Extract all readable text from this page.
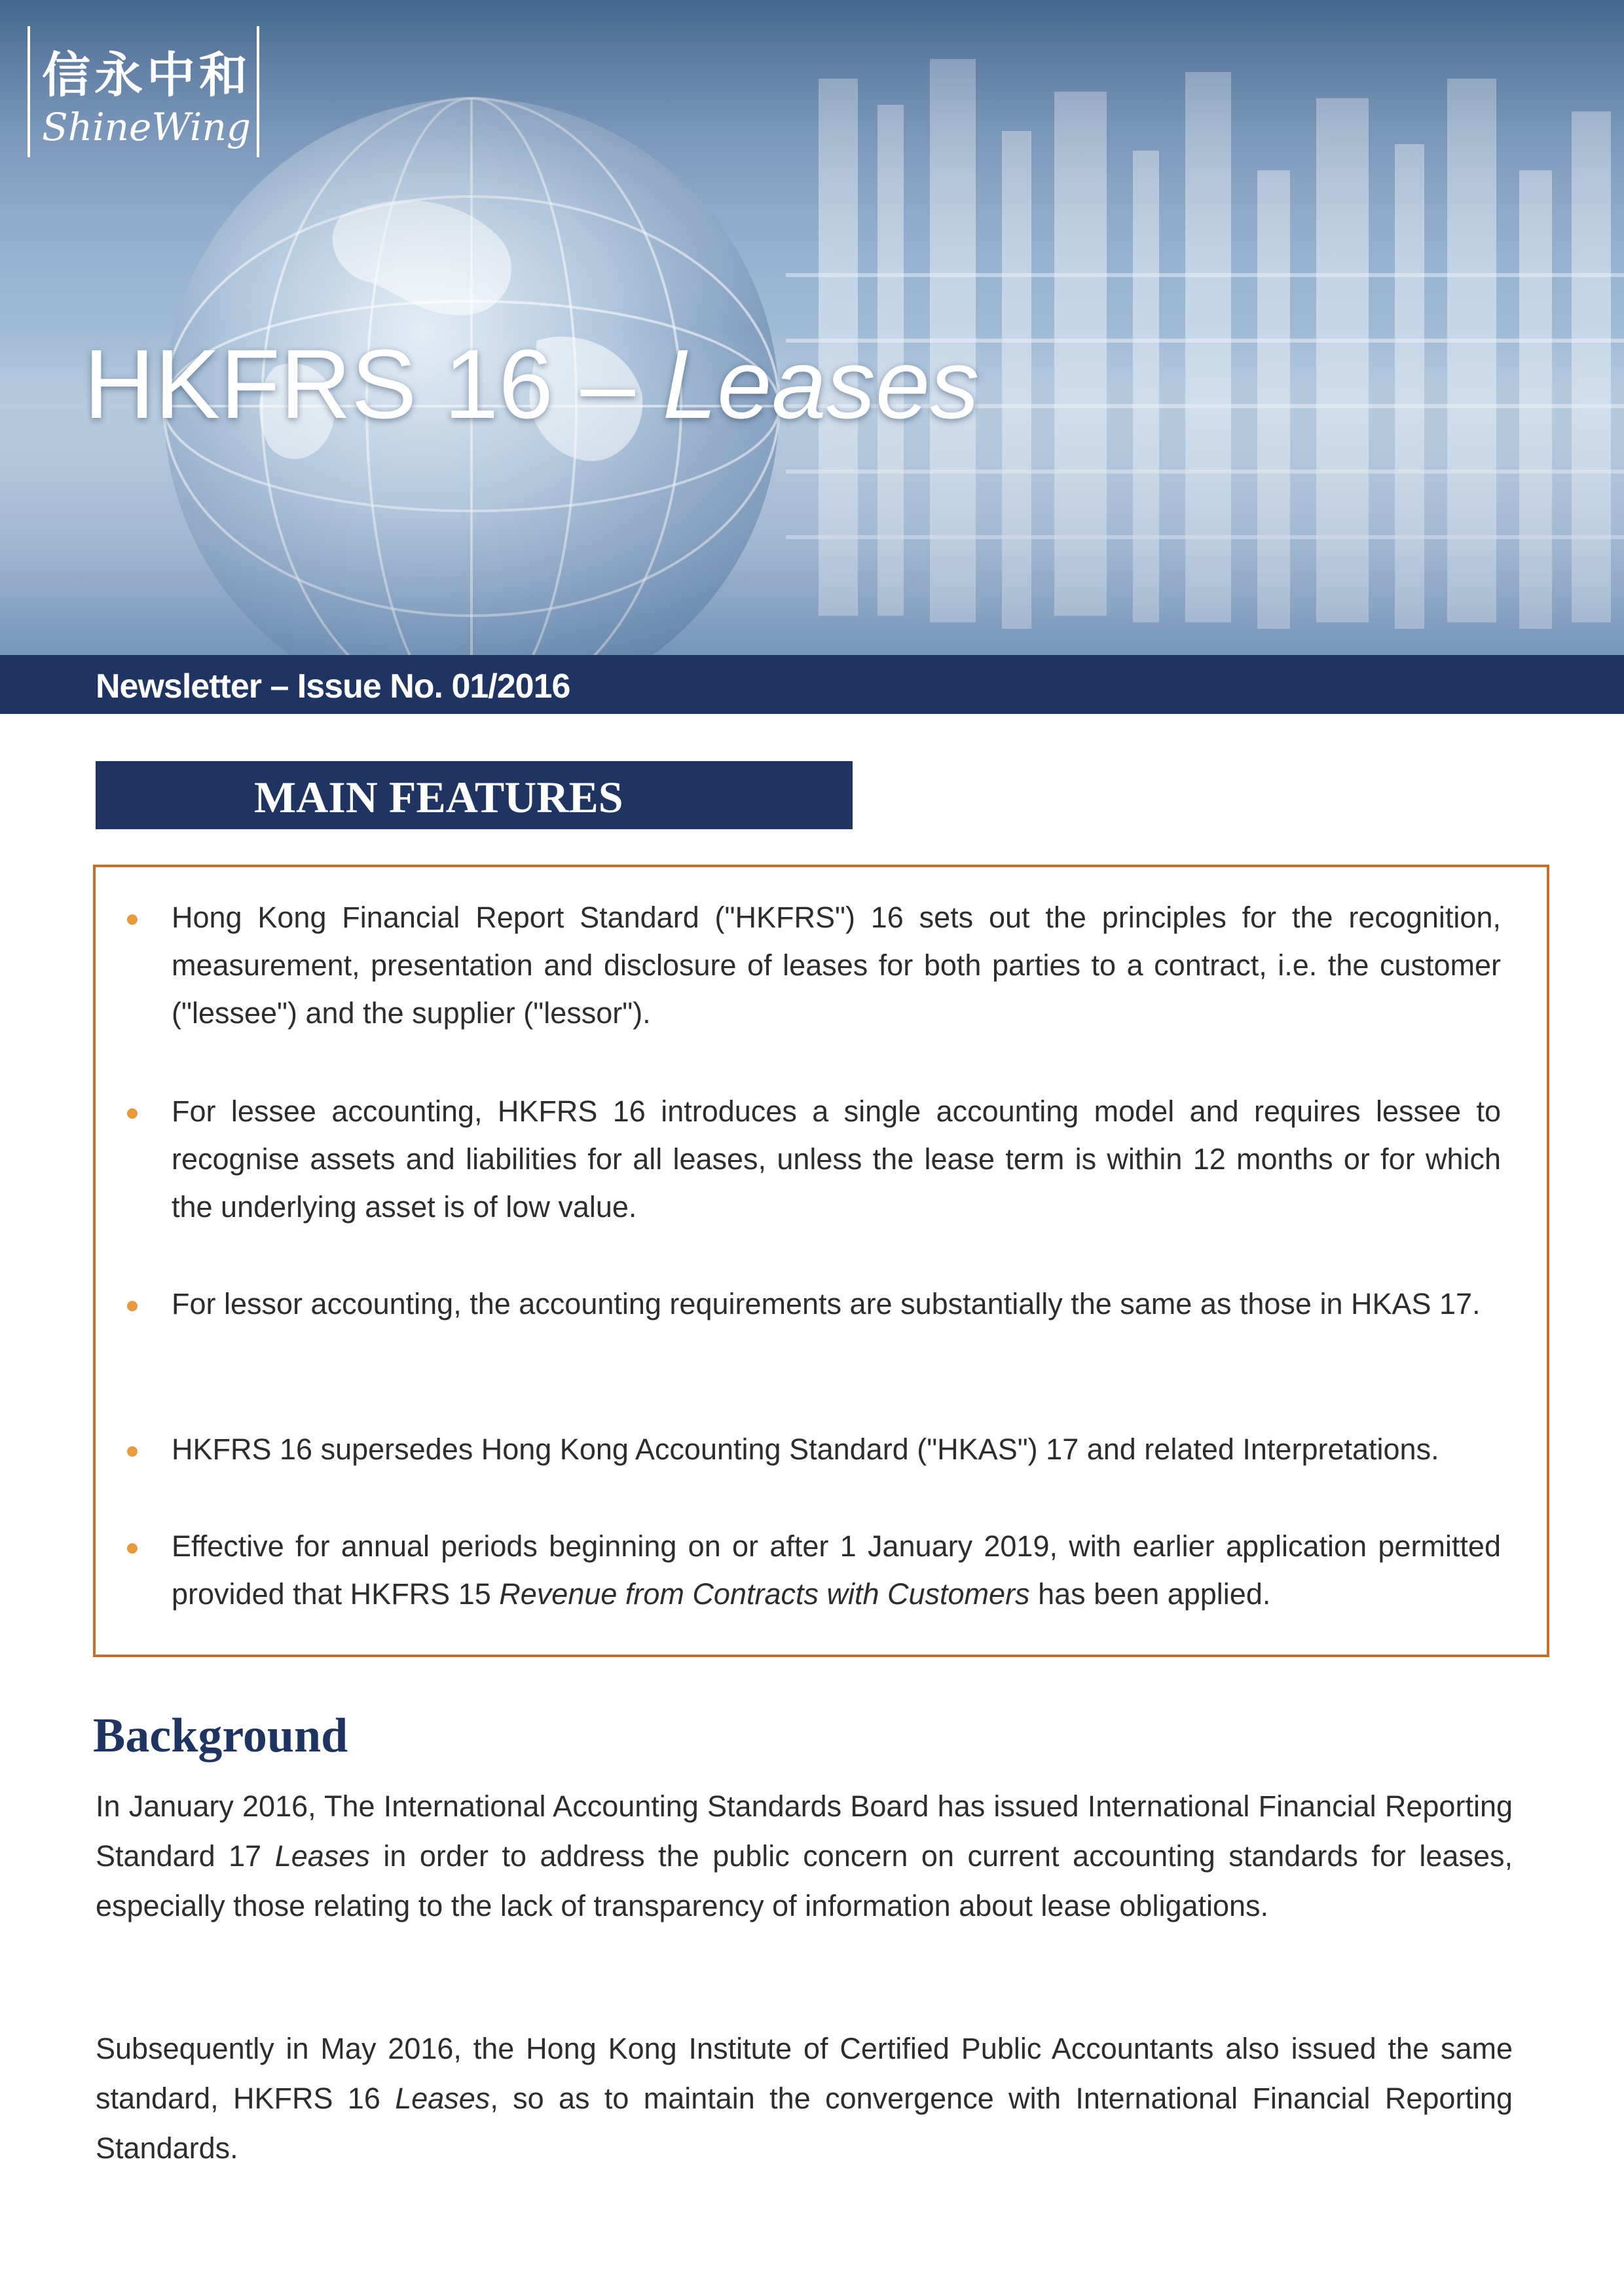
信永中和
ShineWing
HKFRS 16 – Leases
Newsletter – Issue No. 01/2016
MAIN FEATURES
Hong Kong Financial Report Standard ("HKFRS") 16 sets out the principles for the recognition, measurement, presentation and disclosure of leases for both parties to a contract, i.e. the customer ("lessee") and the supplier ("lessor").
For lessee accounting, HKFRS 16 introduces a single accounting model and requires lessee to recognise assets and liabilities for all leases, unless the lease term is within 12 months or for which the underlying asset is of low value.
For lessor accounting, the accounting requirements are substantially the same as those in HKAS 17.
HKFRS 16 supersedes Hong Kong Accounting Standard ("HKAS") 17 and related Interpretations.
Effective for annual periods beginning on or after 1 January 2019, with earlier application permitted provided that HKFRS 15 Revenue from Contracts with Customers has been applied.
Background
In January 2016, The International Accounting Standards Board has issued International Financial Reporting Standard 17 Leases in order to address the public concern on current accounting standards for leases, especially those relating to the lack of transparency of information about lease obligations.
Subsequently in May 2016, the Hong Kong Institute of Certified Public Accountants also issued the same standard, HKFRS 16 Leases, so as to maintain the convergence with International Financial Reporting Standards.
